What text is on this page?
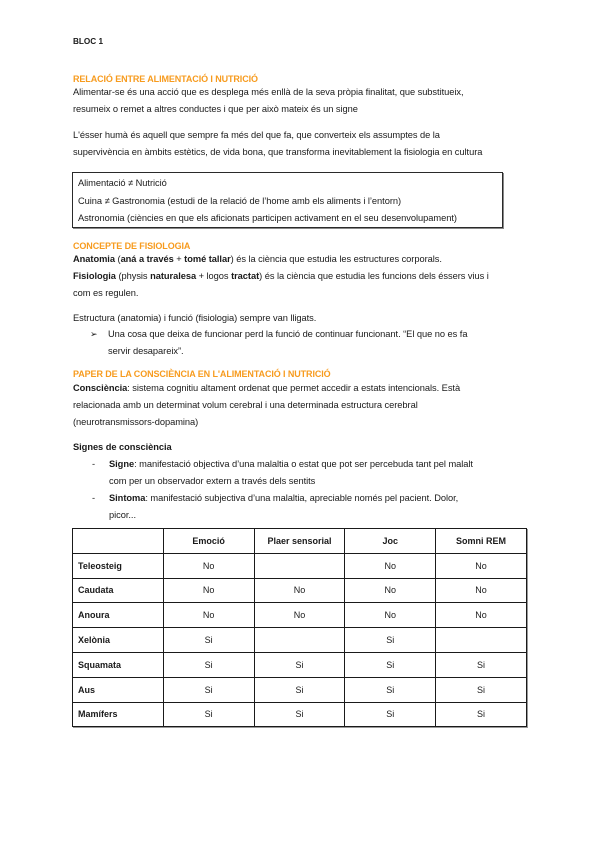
BLOC 1
RELACIÓ ENTRE ALIMENTACIÓ I NUTRICIÓ
Alimentar-se és una acció que es desplega més enllà de la seva pròpia finalitat, que substitueix,
resumeix o remet a altres conductes i que per això mateix és un signe
L'ésser humà és aquell que sempre fa més del que fa, que converteix els assumptes de la
supervivència en àmbits estètics, de vida bona, que transforma inevitablement la fisiologia en cultura
Alimentació ≠ Nutrició
Cuina ≠ Gastronomia (estudi de la relació de l’home amb els aliments i l’entorn)
Astronomia (ciències en que els aficionats participen activament en el seu desenvolupament)
CONCEPTE DE FISIOLOGIA
Anatomia (aná a través + tomé tallar) és la ciència que estudia les estructures corporals.
Fisiologia (physis naturalesa + logos tractat) és la ciència que estudia les funcions dels éssers vius i
com es regulen.
Estructura (anatomia) i funció (fisiologia) sempre van lligats.
➢ Una cosa que deixa de funcionar perd la funció de continuar funcionant. “El que no es fa
servir desapareix”.
PAPER DE LA CONSCIÈNCIA EN L'ALIMENTACIÓ I NUTRICIÓ
Consciència: sistema cognitiu altament ordenat que permet accedir a estats intencionals. Està
relacionada amb un determinat volum cerebral i una determinada estructura cerebral
(neurotransmissors-dopamina)
Signes de consciència
- Signe: manifestació objectiva d’una malaltia o estat que pot ser percebuda tant pel malalt
com per un observador extern a través dels sentits
- Sintoma: manifestació subjectiva d’una malaltia, apreciable només pel pacient. Dolor,
picor...
	Emoció	Plaer sensorial	Joc	Somni REM
Teleosteig	No		No	No
Caudata	No	No	No	No
Anoura	No	No	No	No
Xelònia	Si		Si	
Squamata	Si	Si	Si	Si
Aus	Si	Si	Si	Si
Mamífers	Si	Si	Si	Si
